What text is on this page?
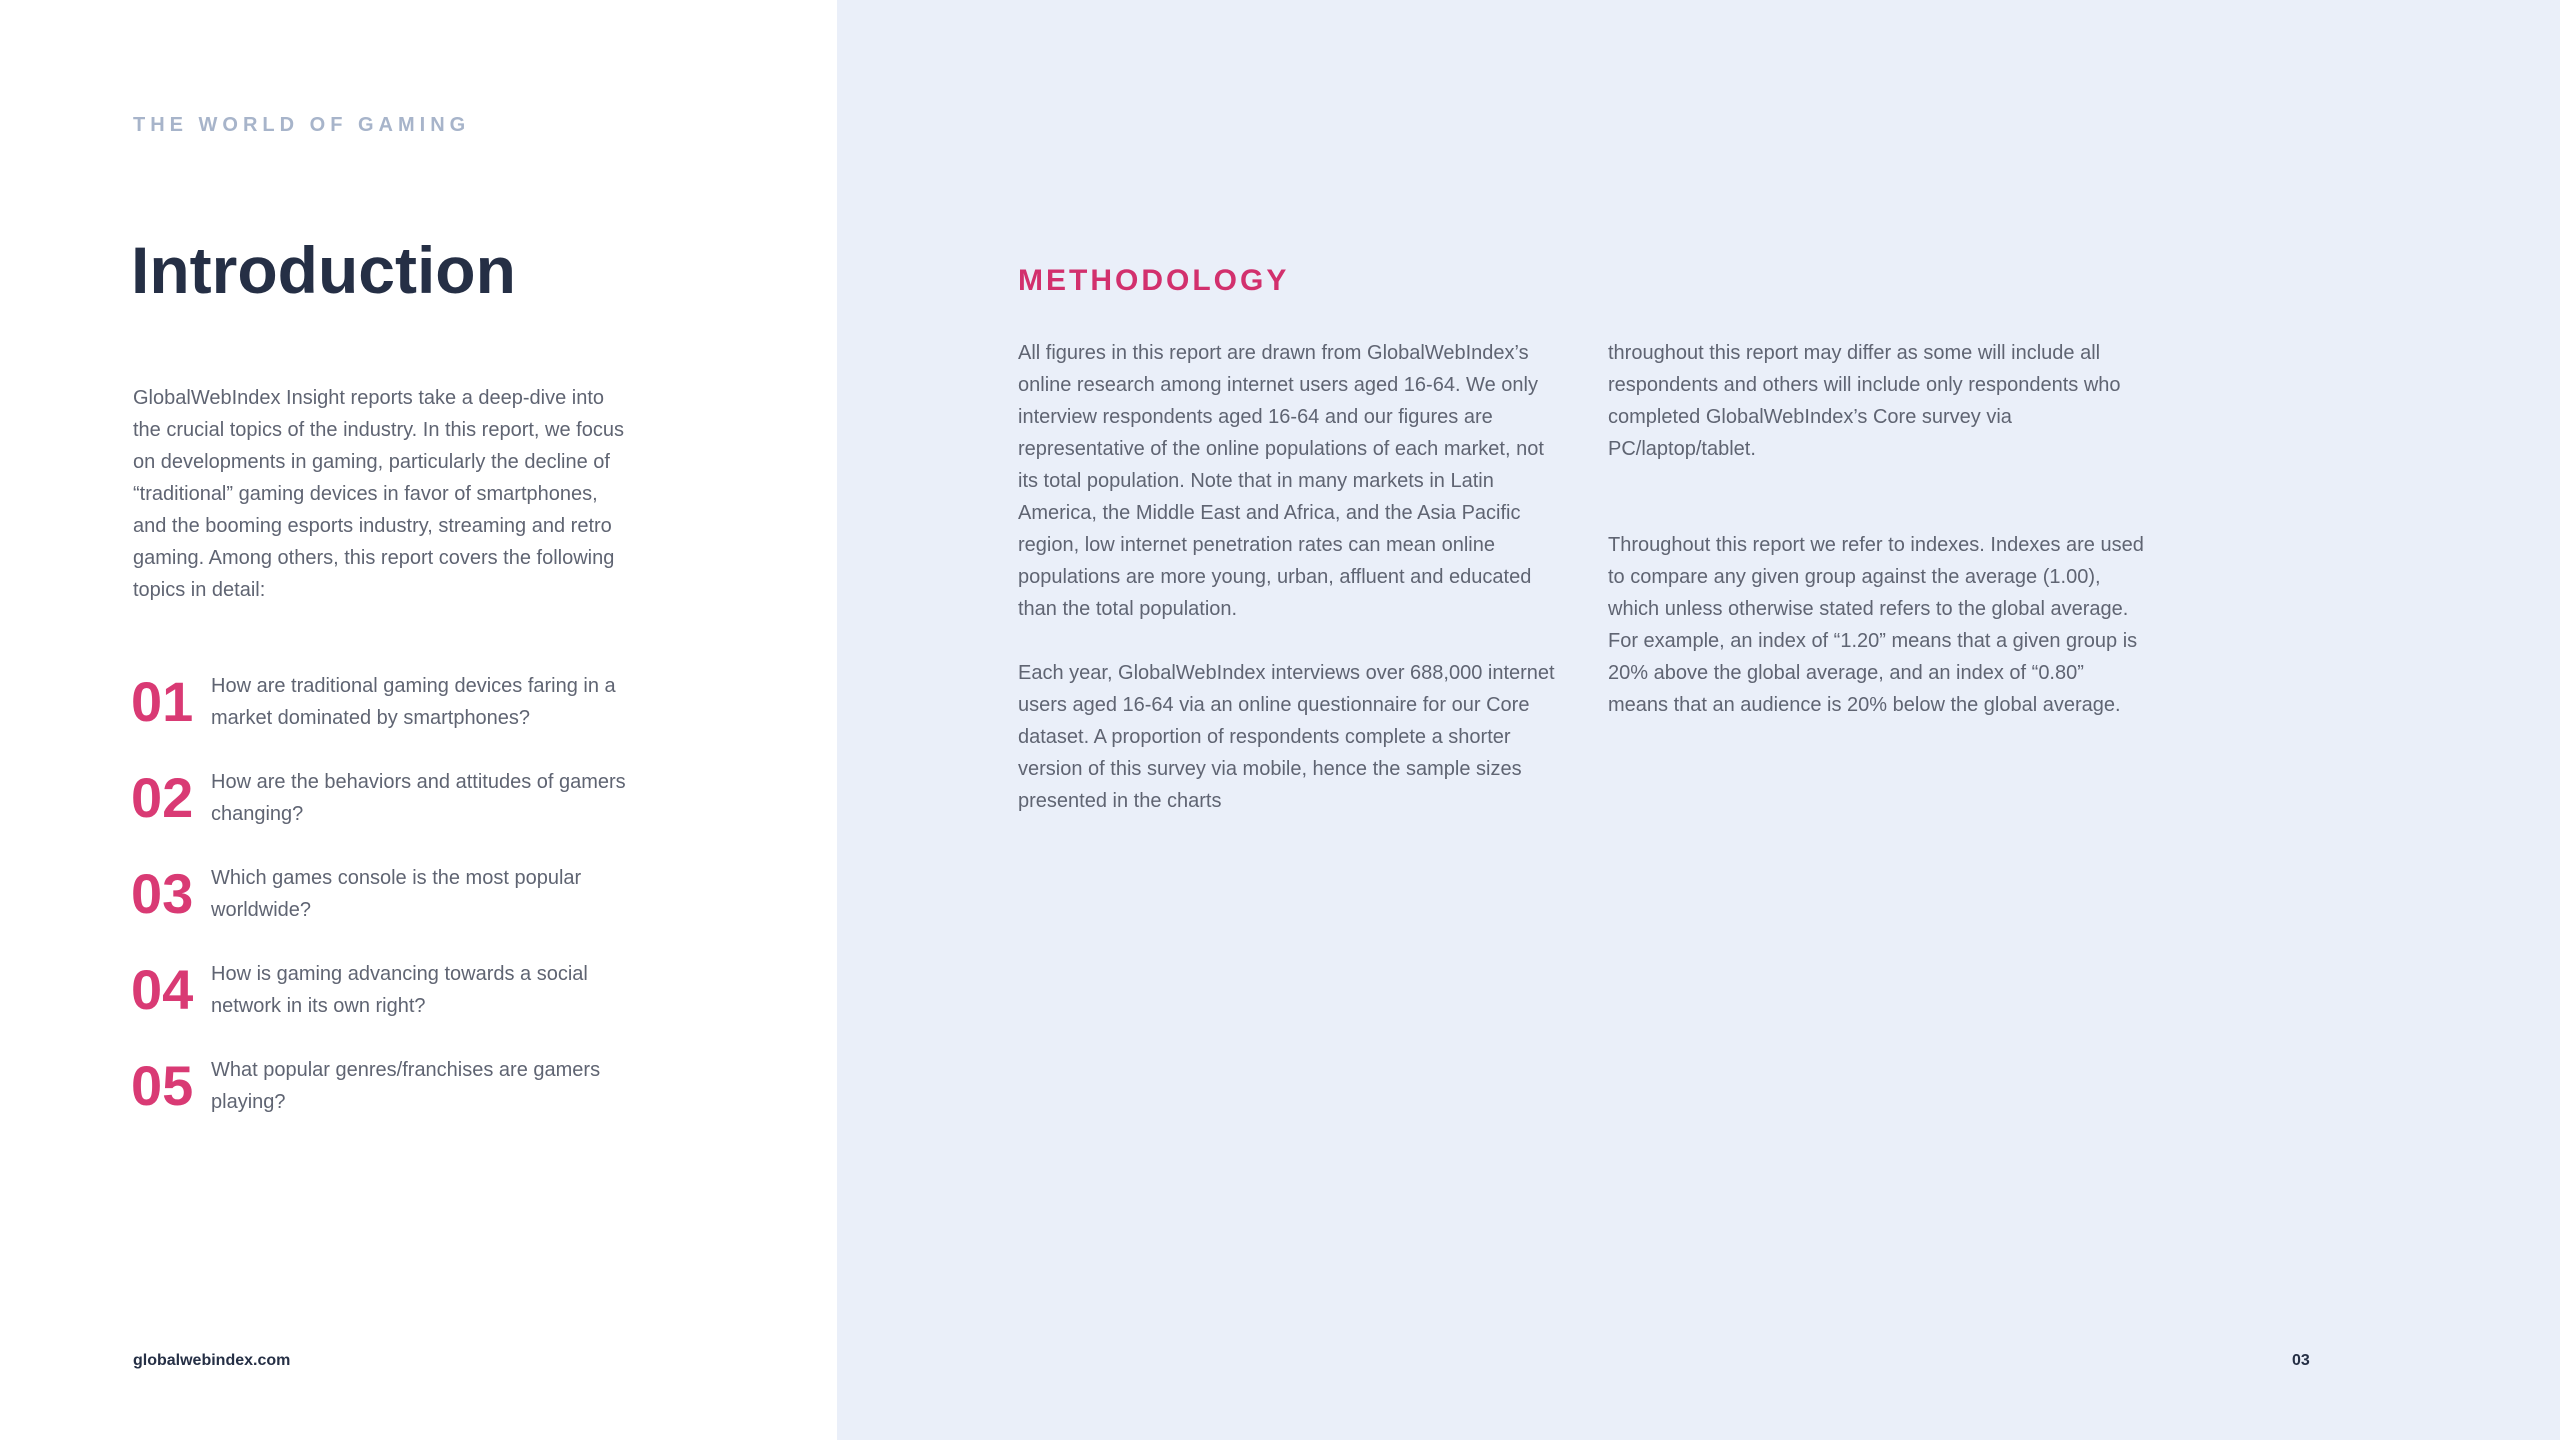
THE WORLD OF GAMING
Introduction

GlobalWebIndex Insight reports take a deep-dive into the crucial topics of the industry. In this report, we focus on developments in gaming, particularly the decline of “traditional” gaming devices in favor of smartphones, and the booming esports industry, streaming and retro gaming. Among others, this report covers the following topics in detail:

01 How are traditional gaming devices faring in a market dominated by smartphones?
02 How are the behaviors and attitudes of gamers changing?
03 Which games console is the most popular worldwide?
04 How is gaming advancing towards a social network in its own right?
05 What popular genres/franchises are gamers playing?
globalwebindex.com
METHODOLOGY

All figures in this report are drawn from GlobalWebIndex’s online research among internet users aged 16-64. We only interview respondents aged 16-64 and our figures are representative of the online populations of each market, not its total population. Note that in many markets in Latin America, the Middle East and Africa, and the Asia Pacific region, low internet penetration rates can mean online populations are more young, urban, affluent and educated than the total population.

Each year, GlobalWebIndex interviews over 688,000 internet users aged 16-64 via an online questionnaire for our Core dataset. A proportion of respondents complete a shorter version of this survey via mobile, hence the sample sizes presented in the charts

throughout this report may differ as some will include all respondents and others will include only respondents who completed GlobalWebIndex’s Core survey via PC/laptop/tablet.

Throughout this report we refer to indexes. Indexes are used to compare any given group against the average (1.00), which unless otherwise stated refers to the global average. For example, an index of “1.20” means that a given group is 20% above the global average, and an index of “0.80” means that an audience is 20% below the global average.

03
